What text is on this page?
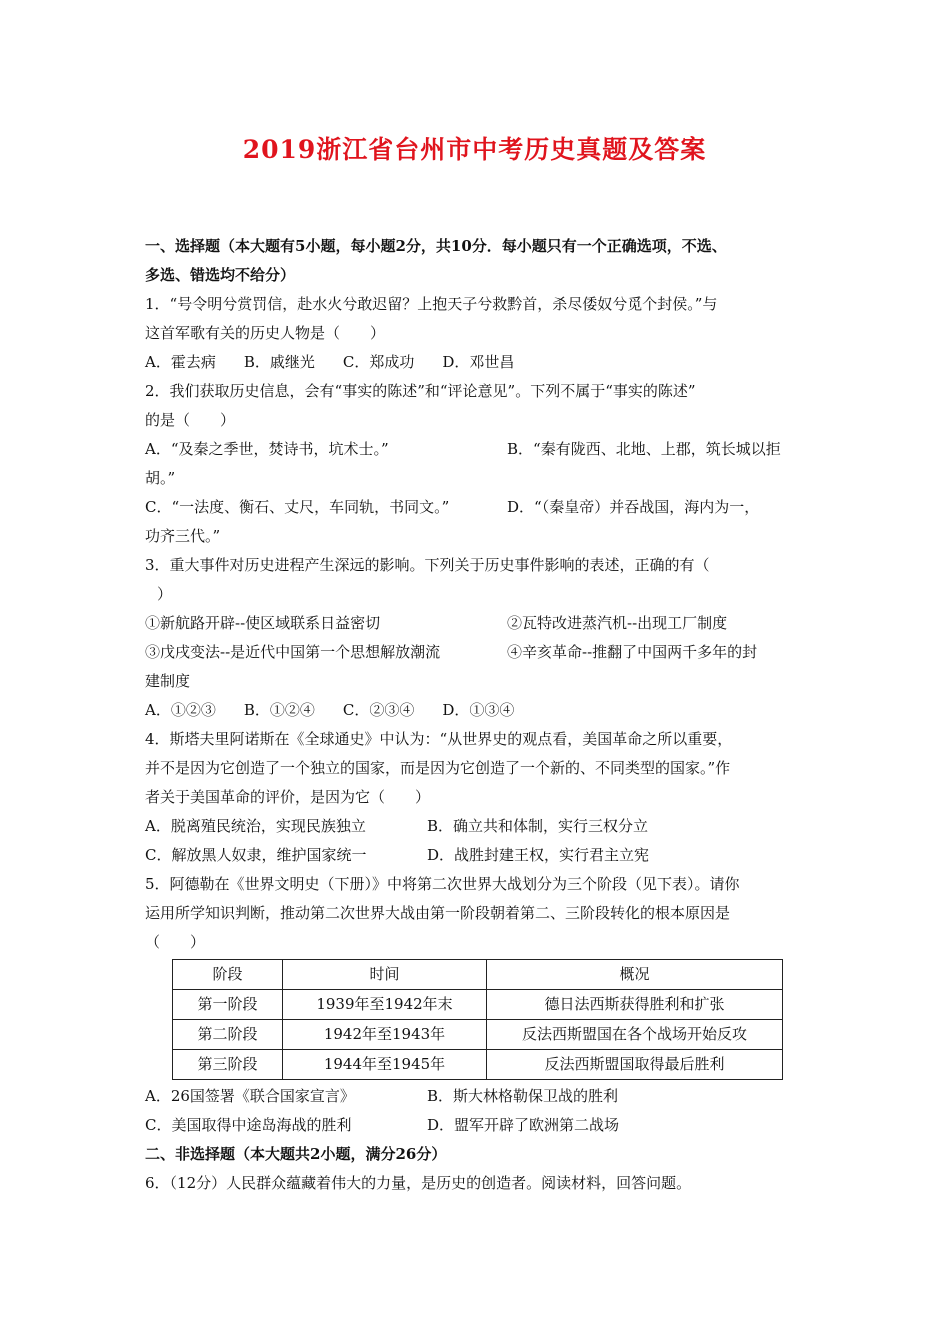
2019浙江省台州市中考历史真题及答案
一、选择题（本大题有5小题，每小题2分，共10分．每小题只有一个正确选项，不选、
多选、错选均不给分）
1．“号令明兮赏罚信，赴水火兮敢迟留？上抱天子兮救黔首，杀尽倭奴兮觅个封侯。”与
这首军歌有关的历史人物是（　　）
A．霍去病 B．戚继光 C．郑成功 D．邓世昌
2．我们获取历史信息，会有“事实的陈述”和“评论意见”。下列不属于“事实的陈述”
的是（　　）
A．“及秦之季世，焚诗书，坑术士。”	B．“秦有陇西、北地、上郡，筑长城以拒
胡。”
C．“一法度、衡石、丈尺，车同轨，书同文。”	D．“（秦皇帝）并吞战国，海内为一，
功齐三代。”
3．重大事件对历史进程产生深远的影响。下列关于历史事件影响的表述，正确的有（
）
①新航路开辟--使区域联系日益密切	②瓦特改进蒸汽机--出现工厂制度
③戊戌变法--是近代中国第一个思想解放潮流	④辛亥革命--推翻了中国两千多年的封
建制度
A．①②③ B．①②④ C．②③④ D．①③④
4．斯塔夫里阿诺斯在《全球通史》中认为：“从世界史的观点看，美国革命之所以重要，
并不是因为它创造了一个独立的国家，而是因为它创造了一个新的、不同类型的国家。”作
者关于美国革命的评价，是因为它（　　）
A．脱离殖民统治，实现民族独立	B．确立共和体制，实行三权分立
C．解放黑人奴隶，维护国家统一	D．战胜封建王权，实行君主立宪
5．阿德勒在《世界文明史（下册）》中将第二次世界大战划分为三个阶段（见下表）。请你
运用所学知识判断，推动第二次世界大战由第一阶段朝着第二、三阶段转化的根本原因是
（　　）
阶段	时间	概况
第一阶段	1939年至1942年末	德日法西斯获得胜利和扩张
第二阶段	1942年至1943年	反法西斯盟国在各个战场开始反攻
第三阶段	1944年至1945年	反法西斯盟国取得最后胜利
A．26国签署《联合国家宣言》	B．斯大林格勒保卫战的胜利
C．美国取得中途岛海战的胜利	D．盟军开辟了欧洲第二战场
二、非选择题（本大题共2小题，满分26分）
6．（12分）人民群众蕴藏着伟大的力量，是历史的创造者。阅读材料，回答问题。
